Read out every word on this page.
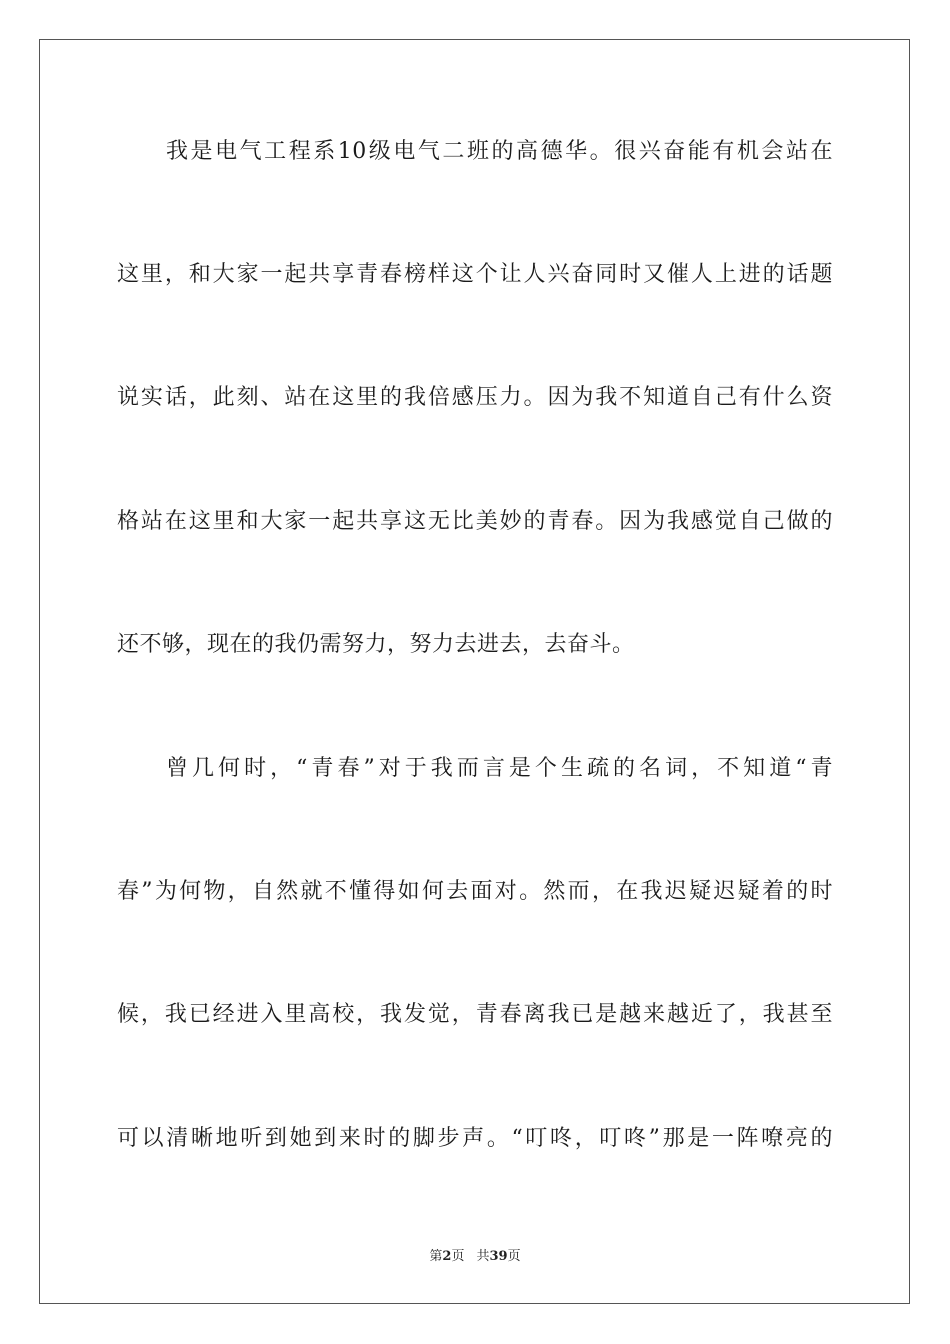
我是电气工程系10级电气二班的高德华。很兴奋能有机会站在
这里，和大家一起共享青春榜样这个让人兴奋同时又催人上进的话题
说实话，此刻、站在这里的我倍感压力。因为我不知道自己有什么资
格站在这里和大家一起共享这无比美妙的青春。因为我感觉自己做的
还不够，现在的我仍需努力，努力去进去，去奋斗。
曾几何时，“青春”对于我而言是个生疏的名词，不知道“青
春”为何物，自然就不懂得如何去面对。然而，在我迟疑迟疑着的时
候，我已经进入里高校，我发觉，青春离我已是越来越近了，我甚至
可以清晰地听到她到来时的脚步声。“叮咚，叮咚”那是一阵嘹亮的
第2页 共39页
